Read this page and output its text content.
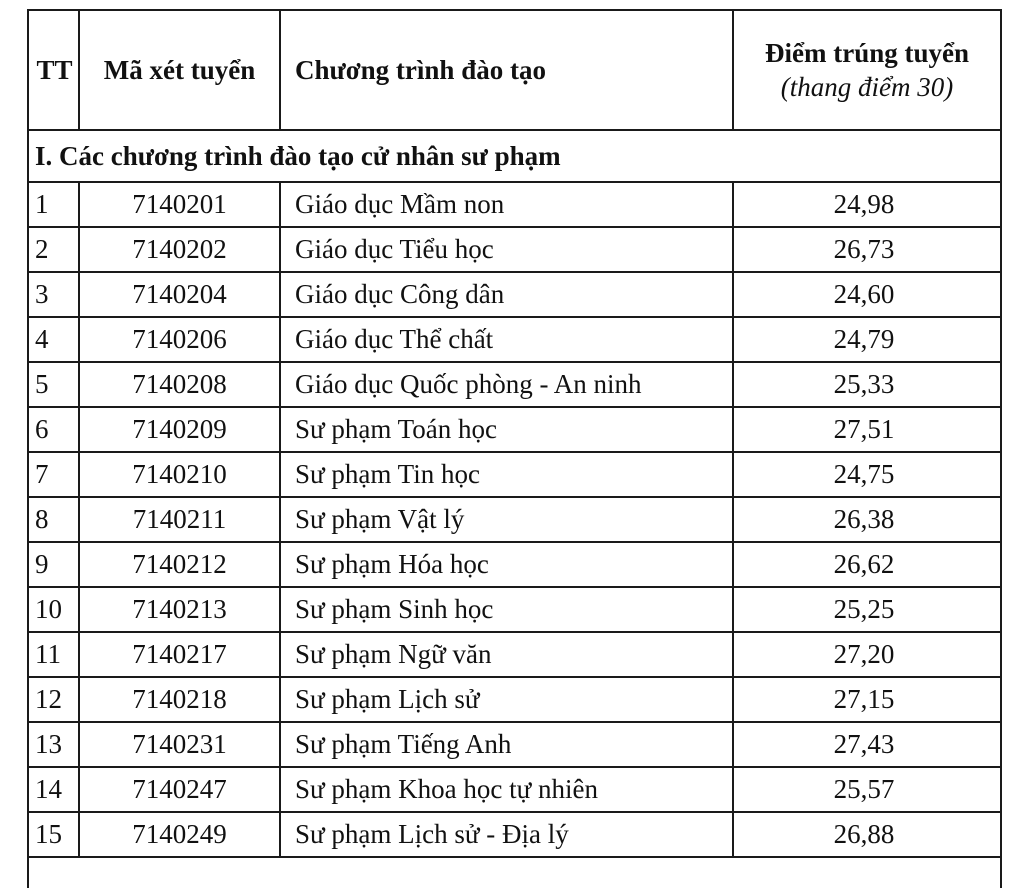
TT	Mã xét tuyển	Chương trình đào tạo	Điểm trúng tuyển
(thang điểm 30)

I. Các chương trình đào tạo cử nhân sư phạm			
1	7140201	Giáo dục Mầm non	24,98
2	7140202	Giáo dục Tiểu học	26,73
3	7140204	Giáo dục Công dân	24,60
4	7140206	Giáo dục Thể chất	24,79
5	7140208	Giáo dục Quốc phòng - An ninh	25,33
6	7140209	Sư phạm Toán học	27,51
7	7140210	Sư phạm Tin học	24,75
8	7140211	Sư phạm Vật lý	26,38
9	7140212	Sư phạm Hóa học	26,62
10	7140213	Sư phạm Sinh học	25,25
11	7140217	Sư phạm Ngữ văn	27,20
12	7140218	Sư phạm Lịch sử	27,15
13	7140231	Sư phạm Tiếng Anh	27,43
14	7140247	Sư phạm Khoa học tự nhiên	25,57
15	7140249	Sư phạm Lịch sử - Địa lý	26,88
